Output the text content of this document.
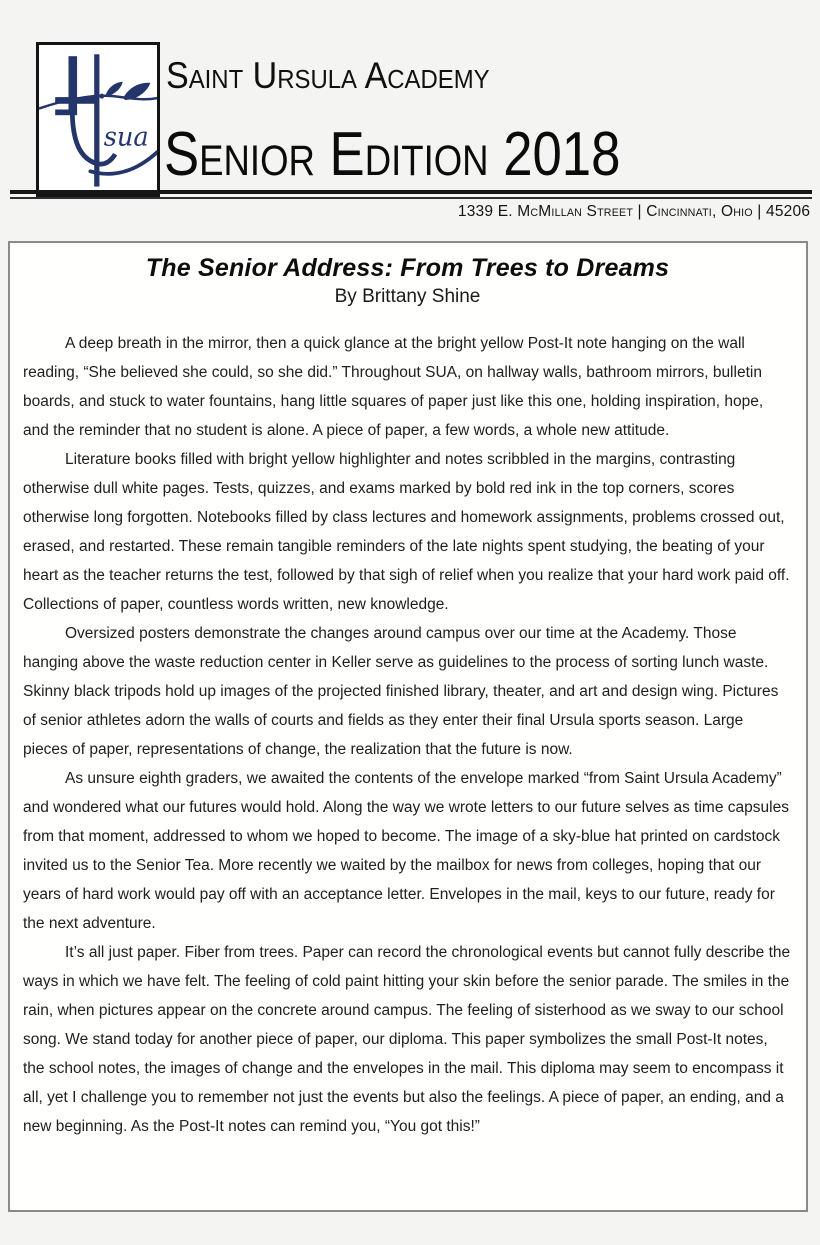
sua
Saint Ursula Academy
Senior Edition 2018
1339 E. McMillan Street | Cincinnati, Ohio | 45206
The Senior Address: From Trees to Dreams
By Brittany Shine

A deep breath in the mirror, then a quick glance at the bright yellow Post-It note hanging on the wall reading, “She believed she could, so she did.” Throughout SUA, on hallway walls, bathroom mirrors, bulletin boards, and stuck to water fountains, hang little squares of paper just like this one, holding inspiration, hope, and the reminder that no student is alone. A piece of paper, a few words, a whole new attitude.

Literature books filled with bright yellow highlighter and notes scribbled in the margins, contrasting otherwise dull white pages. Tests, quizzes, and exams marked by bold red ink in the top corners, scores otherwise long forgotten. Notebooks filled by class lectures and homework assignments, problems crossed out, erased, and restarted. These remain tangible reminders of the late nights spent studying, the beating of your heart as the teacher returns the test, followed by that sigh of relief when you realize that your hard work paid off. Collections of paper, countless words written, new knowledge.

Oversized posters demonstrate the changes around campus over our time at the Academy. Those hanging above the waste reduction center in Keller serve as guidelines to the process of sorting lunch waste. Skinny black tripods hold up images of the projected finished library, theater, and art and design wing. Pictures of senior athletes adorn the walls of courts and fields as they enter their final Ursula sports season. Large pieces of paper, representations of change, the realization that the future is now.

As unsure eighth graders, we awaited the contents of the envelope marked “from Saint Ursula Academy” and wondered what our futures would hold. Along the way we wrote letters to our future selves as time capsules from that moment, addressed to whom we hoped to become. The image of a sky-blue hat printed on cardstock invited us to the Senior Tea. More recently we waited by the mailbox for news from colleges, hoping that our years of hard work would pay off with an acceptance letter. Envelopes in the mail, keys to our future, ready for the next adventure.

It’s all just paper. Fiber from trees. Paper can record the chronological events but cannot fully describe the ways in which we have felt. The feeling of cold paint hitting your skin before the senior parade. The smiles in the rain, when pictures appear on the concrete around campus. The feeling of sisterhood as we sway to our school song. We stand today for another piece of paper, our diploma. This paper symbolizes the small Post-It notes, the school notes, the images of change and the envelopes in the mail. This diploma may seem to encompass it all, yet I challenge you to remember not just the events but also the feelings. A piece of paper, an ending, and a new beginning. As the Post-It notes can remind you, “You got this!”
